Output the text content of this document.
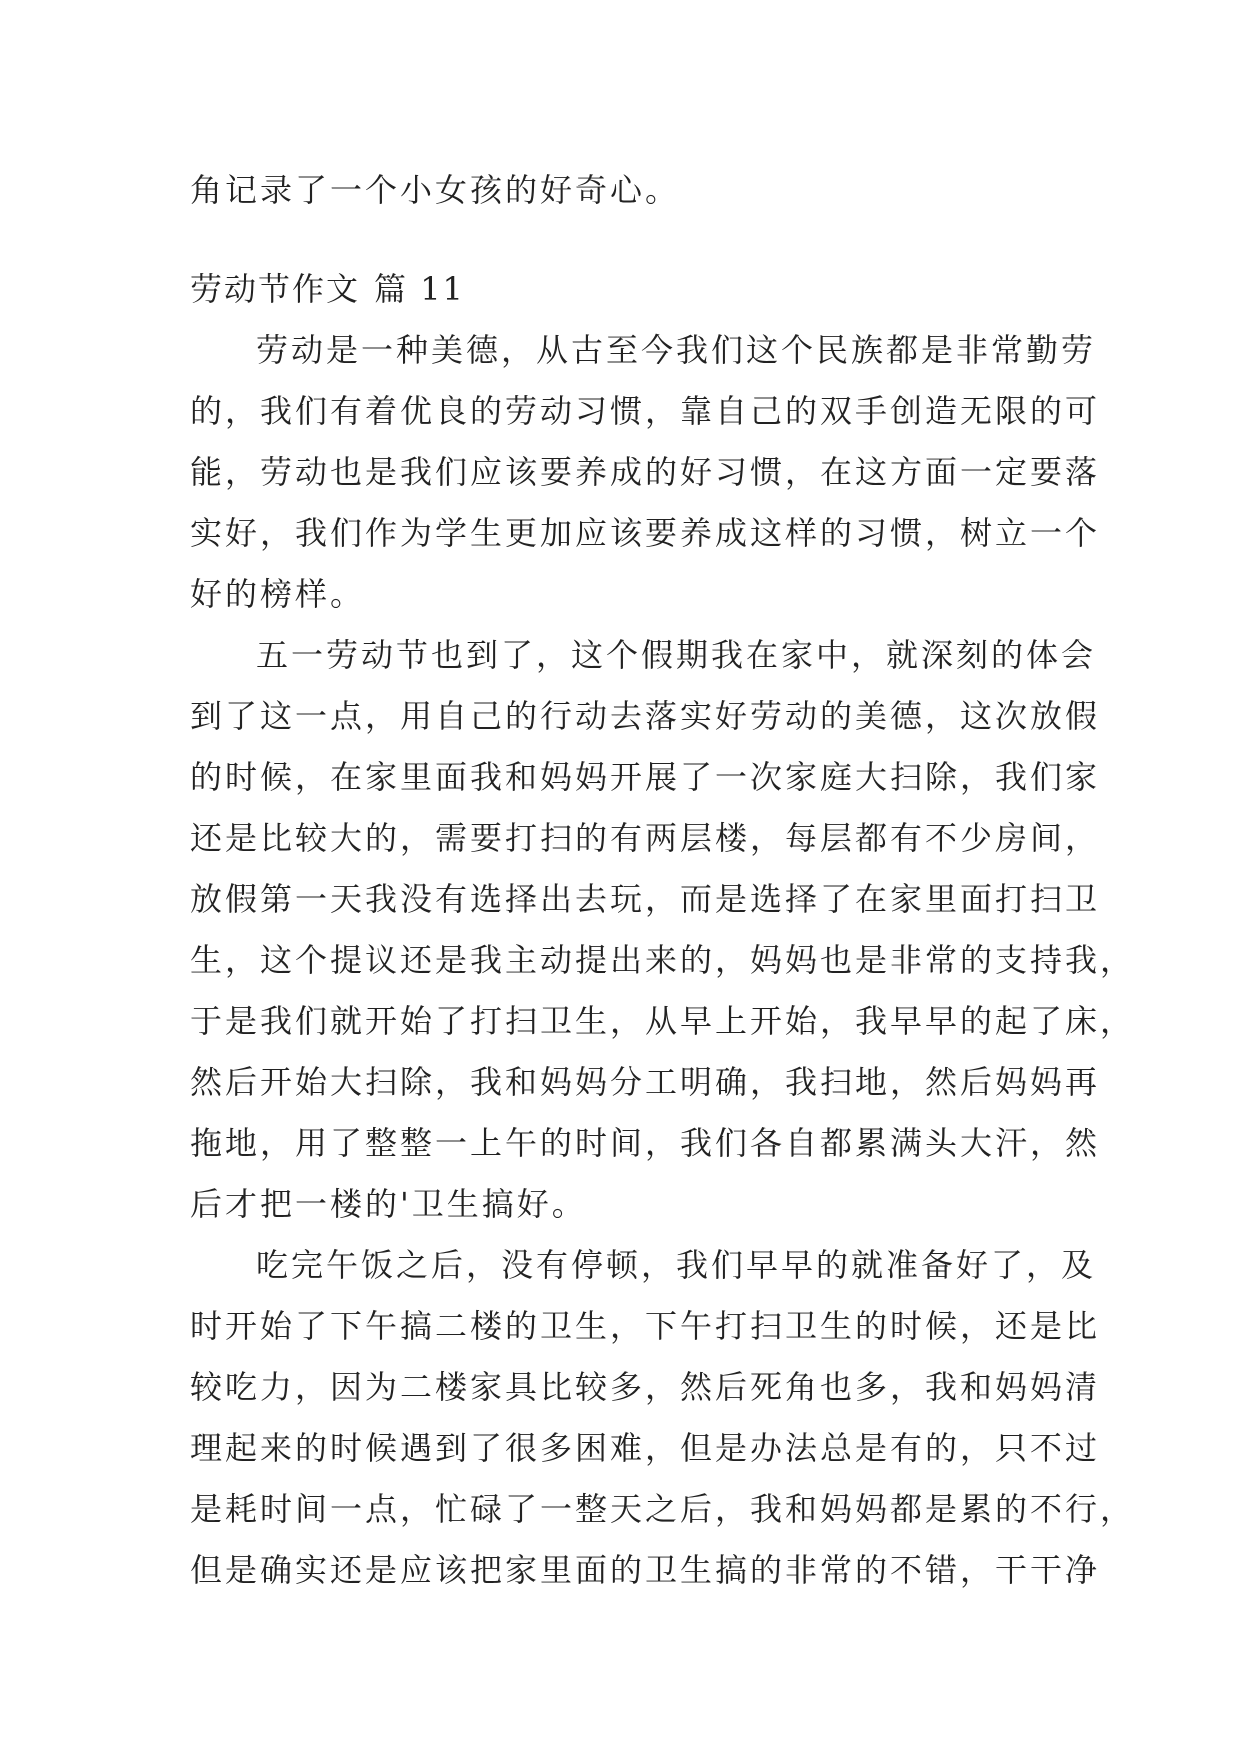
角记录了一个小女孩的好奇心。
劳动节作文 篇 11
劳动是一种美德，从古至今我们这个民族都是非常勤劳
的，我们有着优良的劳动习惯，靠自己的双手创造无限的可
能，劳动也是我们应该要养成的好习惯，在这方面一定要落
实好，我们作为学生更加应该要养成这样的习惯，树立一个
好的榜样。
五一劳动节也到了，这个假期我在家中，就深刻的体会
到了这一点，用自己的行动去落实好劳动的美德，这次放假
的时候，在家里面我和妈妈开展了一次家庭大扫除，我们家
还是比较大的，需要打扫的有两层楼，每层都有不少房间，
放假第一天我没有选择出去玩，而是选择了在家里面打扫卫
生，这个提议还是我主动提出来的，妈妈也是非常的支持我，
于是我们就开始了打扫卫生，从早上开始，我早早的起了床，
然后开始大扫除，我和妈妈分工明确，我扫地，然后妈妈再
拖地，用了整整一上午的时间，我们各自都累满头大汗，然
后才把一楼的'卫生搞好。
吃完午饭之后，没有停顿，我们早早的就准备好了，及
时开始了下午搞二楼的卫生，下午打扫卫生的时候，还是比
较吃力，因为二楼家具比较多，然后死角也多，我和妈妈清
理起来的时候遇到了很多困难，但是办法总是有的，只不过
是耗时间一点，忙碌了一整天之后，我和妈妈都是累的不行，
但是确实还是应该把家里面的卫生搞的非常的不错，干干净
